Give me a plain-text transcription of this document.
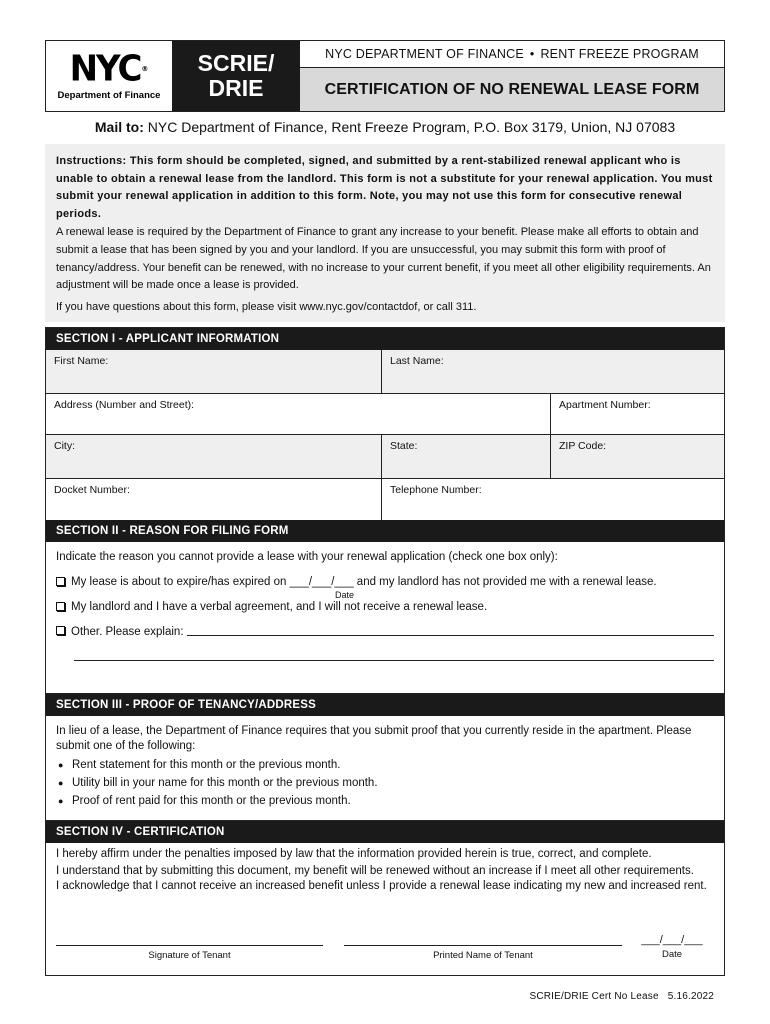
NYC®
Department of Finance
SCRIE/
DRIE
NYC DEPARTMENT OF FINANCE • RENT FREEZE PROGRAM
CERTIFICATION OF NO RENEWAL LEASE FORM
Mail to: NYC Department of Finance, Rent Freeze Program, P.O. Box 3179, Union, NJ 07083

Instructions: This form should be completed, signed, and submitted by a rent-stabilized renewal applicant who is unable to obtain a renewal lease from the landlord. This form is not a substitute for your renewal application. You must submit your renewal application in addition to this form. Note, you may not use this form for consecutive renewal periods.

A renewal lease is required by the Department of Finance to grant any increase to your benefit. Please make all efforts to obtain and submit a lease that has been signed by you and your landlord. If you are unsuccessful, you may submit this form with proof of tenancy/address. Your benefit can be renewed, with no increase to your current benefit, if you meet all other eligibility requirements. An adjustment will be made once a lease is provided.

If you have questions about this form, please visit www.nyc.gov/contactdof, or call 311.

SECTION I - APPLICANT INFORMATION
First Name:	Last Name:
Address (Number and Street):	Apartment Number:
City:	State:	ZIP Code:
Docket Number:	Telephone Number:
SECTION II - REASON FOR FILING FORM
Indicate the reason you cannot provide a lease with your renewal application (check one box only):
My lease is about to expire/has expired on ___/___/___ and my landlord has not provided me with a renewal lease.
Date
My landlord and I have a verbal agreement, and I will not receive a renewal lease.
Other. Please explain:
SECTION III - PROOF OF TENANCY/ADDRESS

In lieu of a lease, the Department of Finance requires that you submit proof that you currently reside in the apartment. Please submit one of the following:

● Rent statement for this month or the previous month.
● Utility bill in your name for this month or the previous month.
● Proof of rent paid for this month or the previous month.
SECTION IV - CERTIFICATION

I hereby affirm under the penalties imposed by law that the information provided herein is true, correct, and complete.

I understand that by submitting this document, my benefit will be renewed without an increase if I meet all other requirements.

I acknowledge that I cannot receive an increased benefit unless I provide a renewal lease indicating my new and increased rent.

Signature of Tenant	Printed Name of Tenant
___/___/___
Date
SCRIE/DRIE Cert No Lease 5.16.2022
